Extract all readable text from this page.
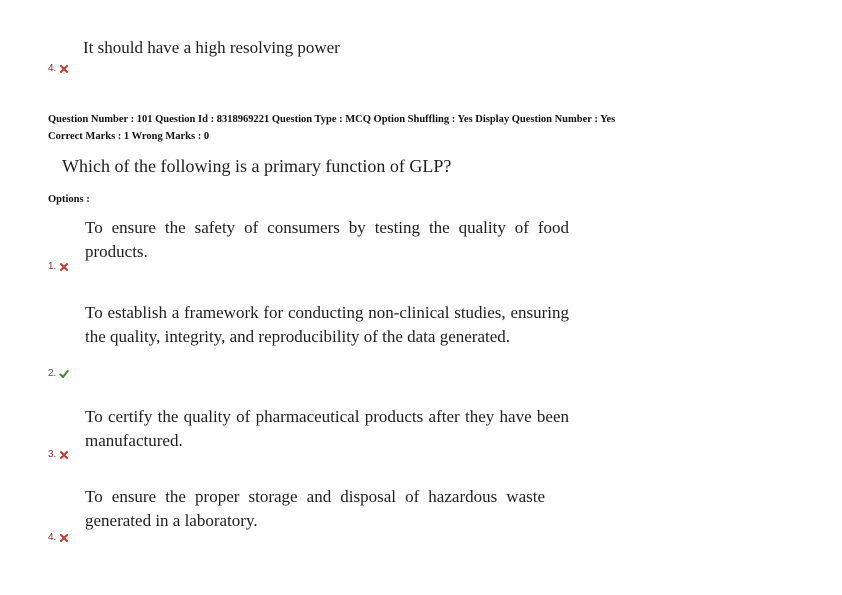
It should have a high resolving power
4.
Question Number : 101 Question Id : 8318969221 Question Type : MCQ Option Shuffling : Yes Display Question Number : Yes
Correct Marks : 1 Wrong Marks : 0
Which of the following is a primary function of GLP?
Options :
To ensure the safety of consumers by testing the quality of food products.
1.
To establish a framework for conducting non-clinical studies, ensuring the quality, integrity, and reproducibility of the data generated.
2.
To certify the quality of pharmaceutical products after they have been manufactured.
3.
To ensure the proper storage and disposal of hazardous waste generated in a laboratory.
4.
